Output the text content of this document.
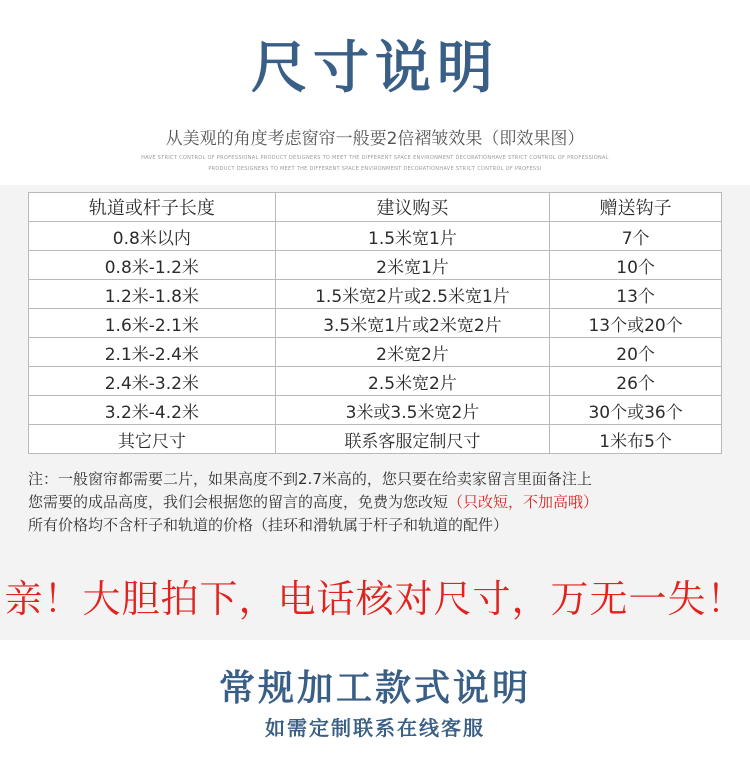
尺寸说明
从美观的角度考虑窗帘一般要2倍褶皱效果（即效果图）
HAVE STRICT CONTROL OF PROFESSIONAL PRODUCT DESIGNERS TO MEET THE DIFFERENT SPACE ENVIRONMENT DECORATIONHAVE STRICT CONTROL OF PROFESSIONAL
PRODUCT DESIGNERS TO MEET THE DIFFERENT SPACE ENVIRONMENT DECORATIONHAVE STRICT CONTROL OF PROFESSI
轨道或杆子长度	建议购买	赠送钩子
0.8米以内	1.5米宽1片	7个
0.8米-1.2米	2米宽1片	10个
1.2米-1.8米	1.5米宽2片或2.5米宽1片	13个
1.6米-2.1米	3.5米宽1片或2米宽2片	13个或20个
2.1米-2.4米	2米宽2片	20个
2.4米-3.2米	2.5米宽2片	26个
3.2米-4.2米	3米或3.5米宽2片	30个或36个
其它尺寸	联系客服定制尺寸	1米布5个
注：一般窗帘都需要二片，如果高度不到2.7米高的，您只要在给卖家留言里面备注上
您需要的成品高度，我们会根据您的留言的高度，免费为您改短（只改短，不加高哦）
所有价格均不含杆子和轨道的价格（挂环和滑轨属于杆子和轨道的配件）
亲！大胆拍下，电话核对尺寸，万无一失！
常规加工款式说明
如需定制联系在线客服
